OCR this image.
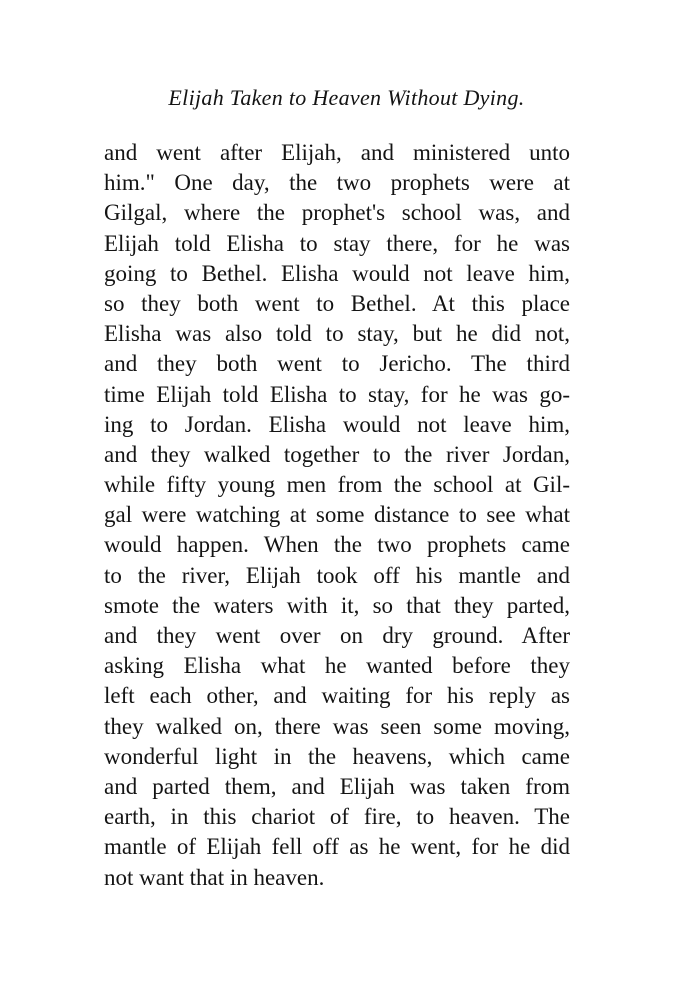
Elijah Taken to Heaven Without Dying.
and went after Elijah, and ministered unto
him." One day, the two prophets were at
Gilgal, where the prophet's school was, and
Elijah told Elisha to stay there, for he was
going to Bethel. Elisha would not leave him,
so they both went to Bethel. At this place
Elisha was also told to stay, but he did not,
and they both went to Jericho. The third
time Elijah told Elisha to stay, for he was go-
ing to Jordan. Elisha would not leave him,
and they walked together to the river Jordan,
while fifty young men from the school at Gil-
gal were watching at some distance to see what
would happen. When the two prophets came
to the river, Elijah took off his mantle and
smote the waters with it, so that they parted,
and they went over on dry ground. After
asking Elisha what he wanted before they
left each other, and waiting for his reply as
they walked on, there was seen some moving,
wonderful light in the heavens, which came
and parted them, and Elijah was taken from
earth, in this chariot of fire, to heaven. The
mantle of Elijah fell off as he went, for he did
not want that in heaven.
